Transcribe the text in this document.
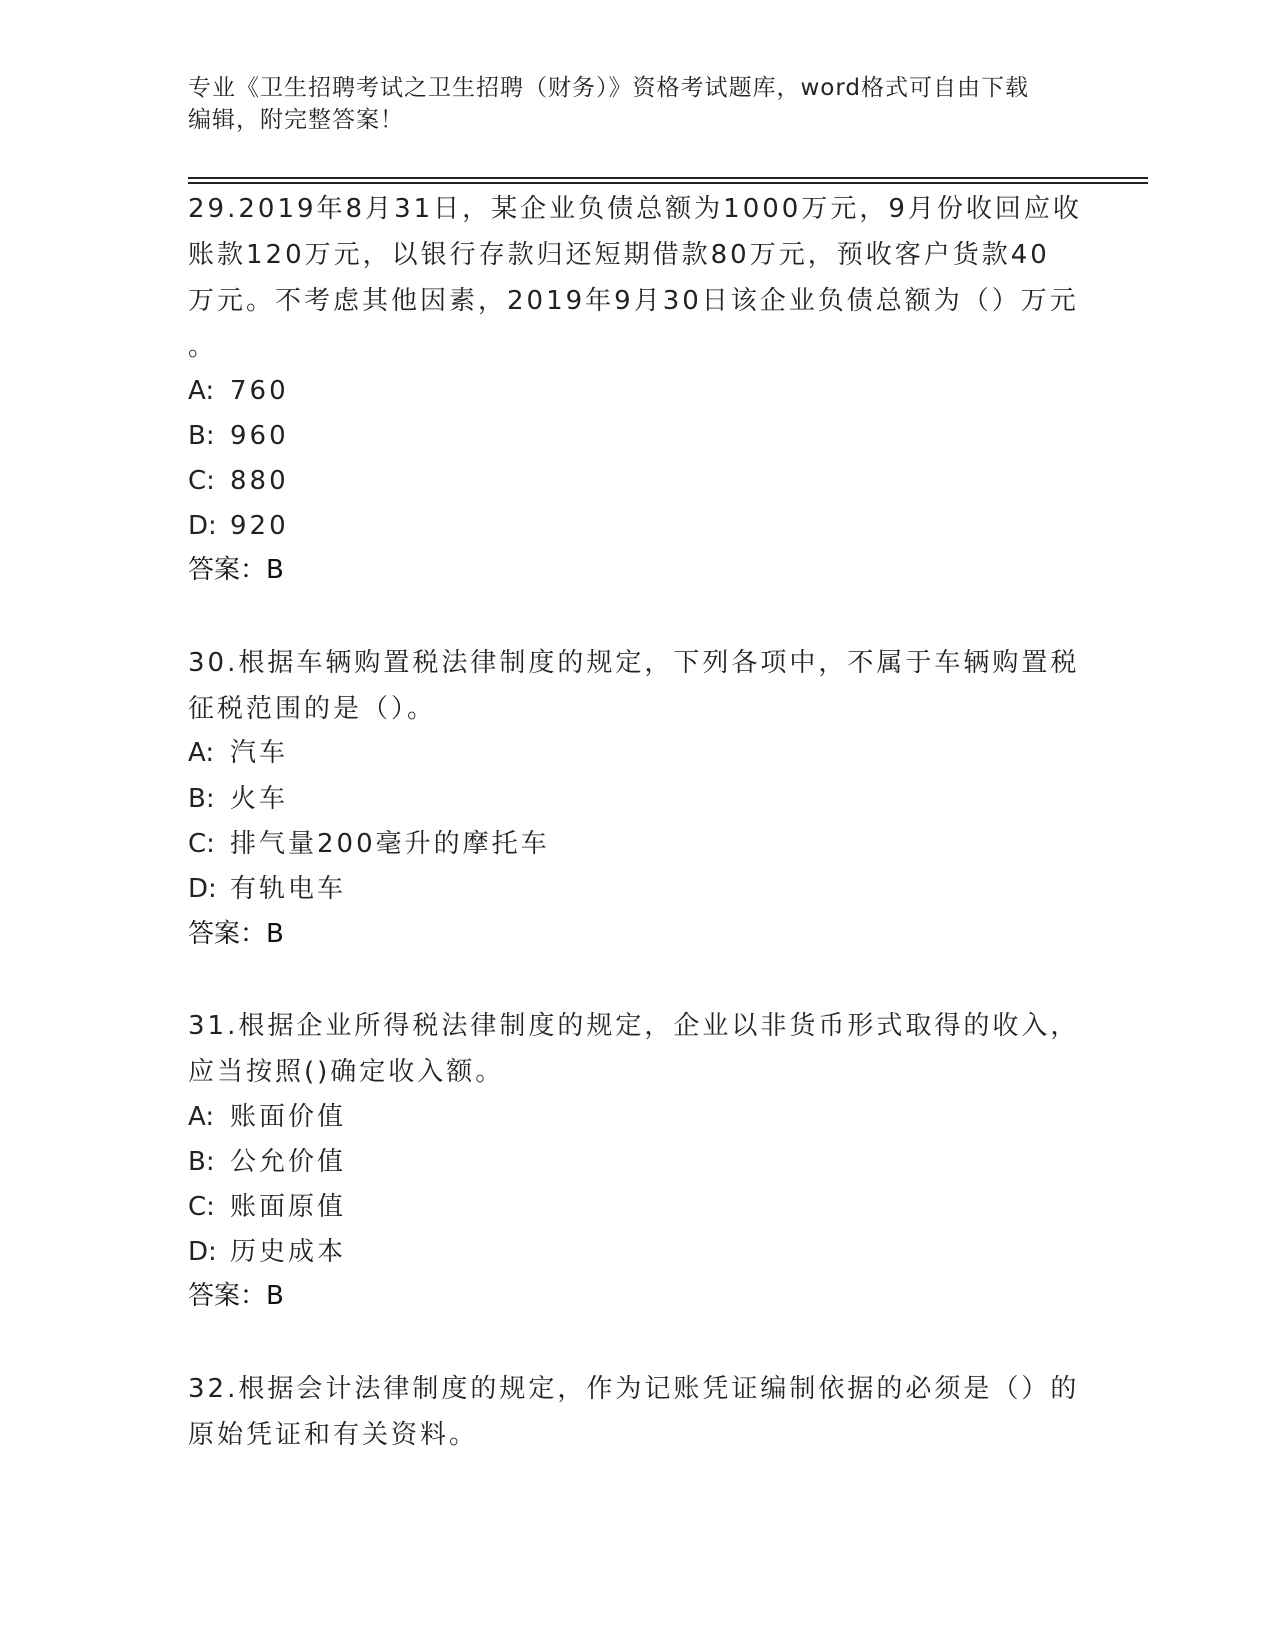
专业《卫生招聘考试之卫生招聘（财务）》资格考试题库，word格式可自由下载
编辑，附完整答案！
29.2019年8月31日，某企业负债总额为1000万元，9月份收回应收
账款120万元，以银行存款归还短期借款80万元，预收客户货款40
万元。不考虑其他因素，2019年9月30日该企业负债总额为（）万元
。
A: 760
B: 960
C: 880
D: 920
答案：B
30.根据车辆购置税法律制度的规定，下列各项中，不属于车辆购置税
征税范围的是（）。
A: 汽车
B: 火车
C: 排气量200毫升的摩托车
D: 有轨电车
答案：B
31.根据企业所得税法律制度的规定，企业以非货币形式取得的收入，
应当按照()确定收入额。
A: 账面价值
B: 公允价值
C: 账面原值
D: 历史成本
答案：B
32.根据会计法律制度的规定，作为记账凭证编制依据的必须是（）的
原始凭证和有关资料。
